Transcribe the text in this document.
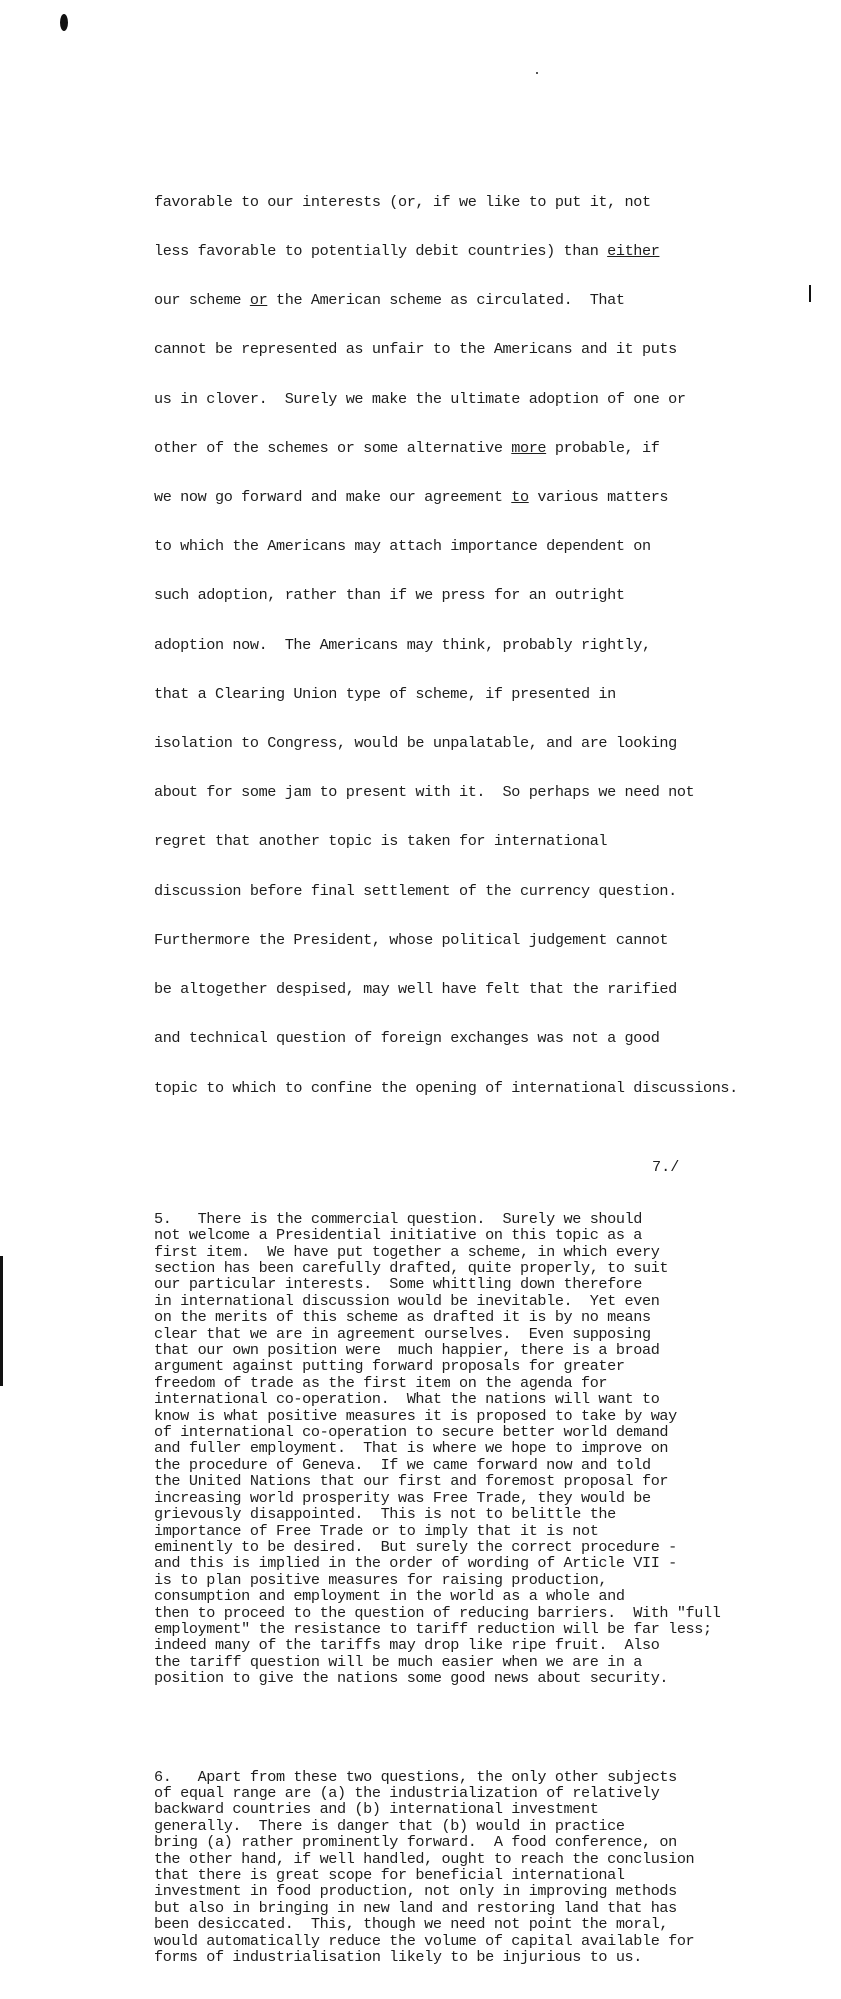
favorable to our interests (or, if we like to put it, not

less favorable to potentially debit countries) than either

our scheme or the American scheme as circulated.  That

cannot be represented as unfair to the Americans and it puts

us in clover.  Surely we make the ultimate adoption of one or

other of the schemes or some alternative more probable, if

we now go forward and make our agreement to various matters

to which the Americans may attach importance dependent on

such adoption, rather than if we press for an outright

adoption now.  The Americans may think, probably rightly,

that a Clearing Union type of scheme, if presented in

isolation to Congress, would be unpalatable, and are looking

about for some jam to present with it.  So perhaps we need not

regret that another topic is taken for international

discussion before final settlement of the currency question.

Furthermore the President, whose political judgement cannot

be altogether despised, may well have felt that the rarified

and technical question of foreign exchanges was not a good

topic to which to confine the opening of international discussions.

5.   There is the commercial question.  Surely we should
not welcome a Presidential initiative on this topic as a
first item.  We have put together a scheme, in which every
section has been carefully drafted, quite properly, to suit
our particular interests.  Some whittling down therefore
in international discussion would be inevitable.  Yet even
on the merits of this scheme as drafted it is by no means
clear that we are in agreement ourselves.  Even supposing
that our own position were  much happier, there is a broad
argument against putting forward proposals for greater
freedom of trade as the first item on the agenda for
international co-operation.  What the nations will want to
know is what positive measures it is proposed to take by way
of international co-operation to secure better world demand
and fuller employment.  That is where we hope to improve on
the procedure of Geneva.  If we came forward now and told
the United Nations that our first and foremost proposal for
increasing world prosperity was Free Trade, they would be
grievously disappointed.  This is not to belittle the
importance of Free Trade or to imply that it is not
eminently to be desired.  But surely the correct procedure -
and this is implied in the order of wording of Article VII -
is to plan positive measures for raising production,
consumption and employment in the world as a whole and
then to proceed to the question of reducing barriers.  With "full
employment" the resistance to tariff reduction will be far less;
indeed many of the tariffs may drop like ripe fruit.  Also
the tariff question will be much easier when we are in a
position to give the nations some good news about security.

6.   Apart from these two questions, the only other subjects
of equal range are (a) the industrialization of relatively
backward countries and (b) international investment
generally.  There is danger that (b) would in practice
bring (a) rather prominently forward.  A food conference, on
the other hand, if well handled, ought to reach the conclusion
that there is great scope for beneficial international
investment in food production, not only in improving methods
but also in bringing in new land and restoring land that has
been desiccated.  This, though we need not point the moral,
would automatically reduce the volume of capital available for
forms of industrialisation likely to be injurious to us.

7./
